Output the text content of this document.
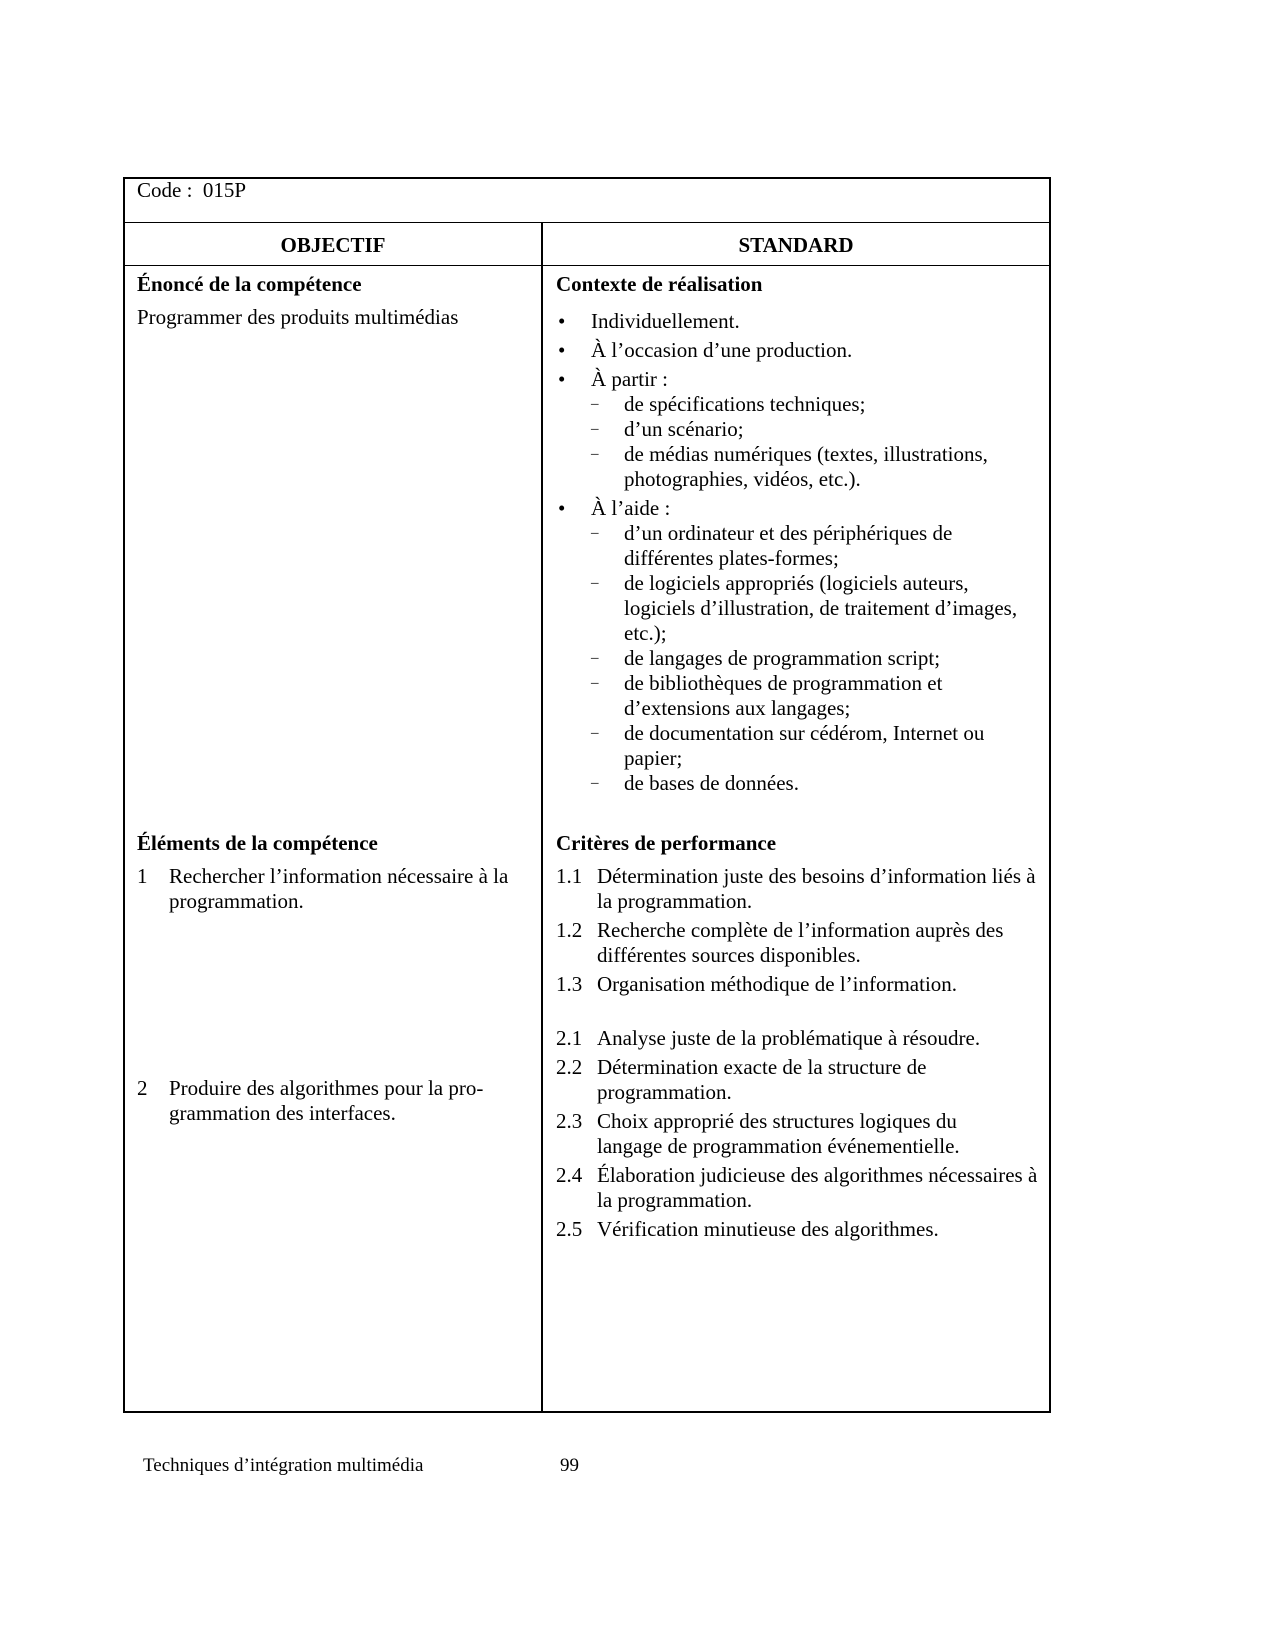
Code : 015P
OBJECTIF	STANDARD
Énoncé de la compétence
Programmer des produits multimédias
Éléments de la compétence
1 Rechercher l’information nécessaire à la programmation.
2 Produire des algorithmes pour la pro-grammation des interfaces.
Contexte de réalisation
• Individuellement.
• À l’occasion d’une production.
• À partir :
– de spécifications techniques;
– d’un scénario;
– de médias numériques (textes, illustrations, photographies, vidéos, etc.).
• À l’aide :
– d’un ordinateur et des périphériques de différentes plates-formes;
– de logiciels appropriés (logiciels auteurs, logiciels d’illustration, de traitement d’images, etc.);
– de langages de programmation script;
– de bibliothèques de programmation et d’extensions aux langages;
– de documentation sur cédérom, Internet ou papier;
– de bases de données.
Critères de performance
1.1 Détermination juste des besoins d’information liés à la programmation.
1.2 Recherche complète de l’information auprès des différentes sources disponibles.
1.3 Organisation méthodique de l’information.
2.1 Analyse juste de la problématique à résoudre.
2.2 Détermination exacte de la structure de programmation.
2.3 Choix approprié des structures logiques du langage de programmation événementielle.
2.4 Élaboration judicieuse des algorithmes nécessaires à la programmation.
2.5 Vérification minutieuse des algorithmes.
Techniques d’intégration multimédia	99
